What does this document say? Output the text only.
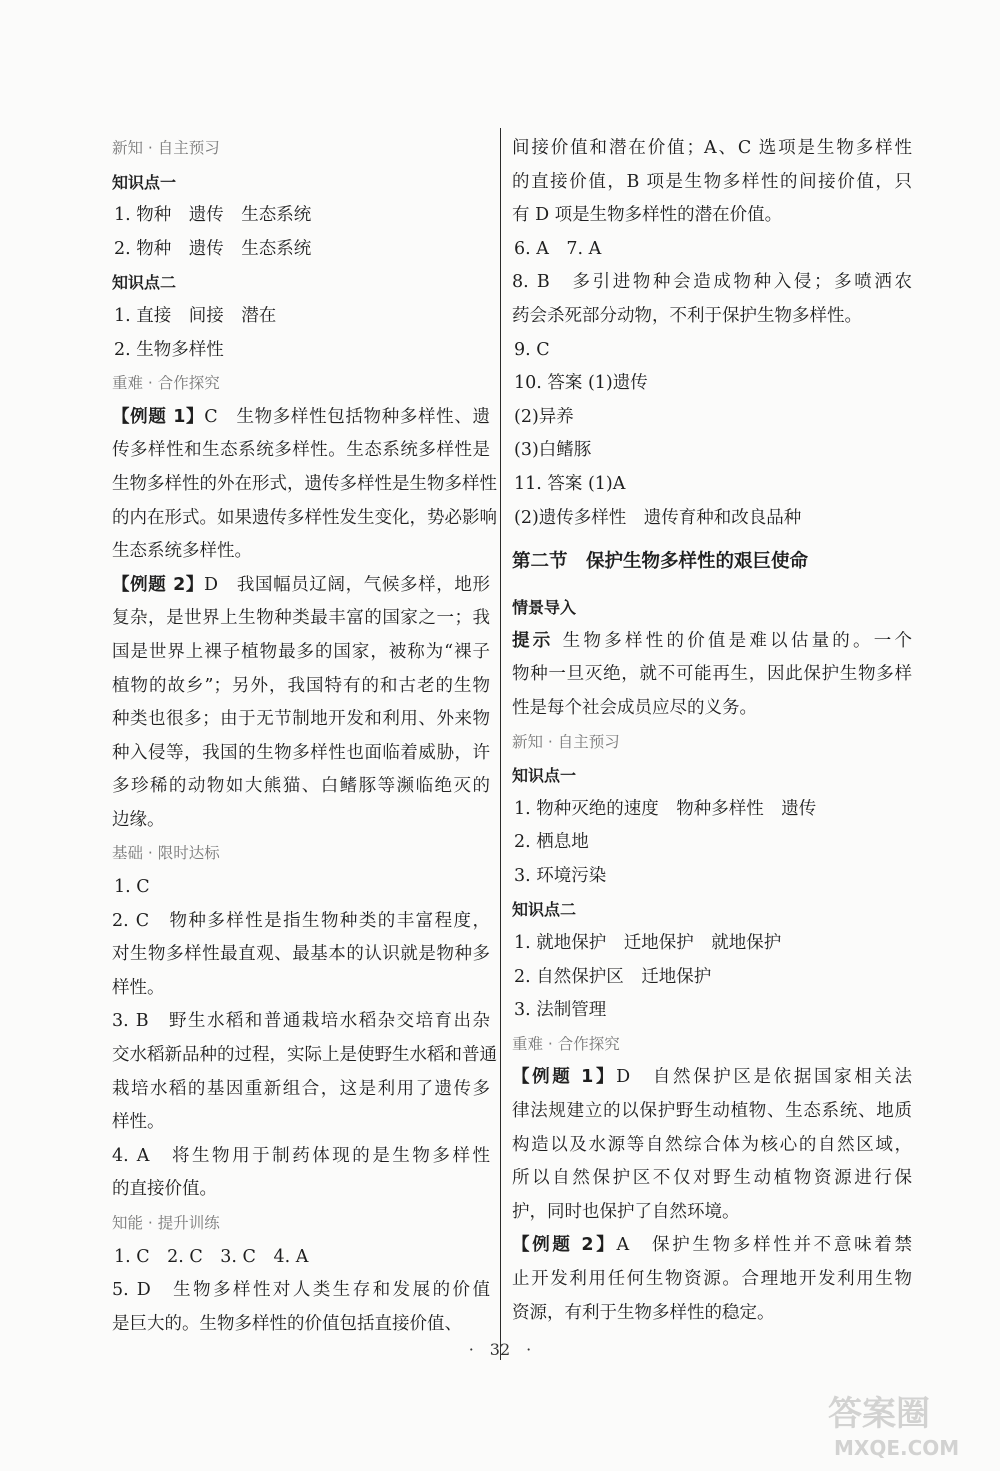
新知 · 自主预习

知识点一

1. 物种　遗传　生态系统

2. 物种　遗传　生态系统

知识点二

1. 直接　间接　潜在

2. 生物多样性

重难 · 合作探究

【例题 1】C　生物多样性包括物种多样性、遗

传多样性和生态系统多样性。生态系统多样性是

生物多样性的外在形式，遗传多样性是生物多样性

的内在形式。如果遗传多样性发生变化，势必影响

生态系统多样性。

【例题 2】D　我国幅员辽阔，气候多样，地形

复杂，是世界上生物种类最丰富的国家之一；我

国是世界上裸子植物最多的国家，被称为“裸子

植物的故乡”；另外，我国特有的和古老的生物

种类也很多；由于无节制地开发和利用、外来物

种入侵等，我国的生物多样性也面临着威胁，许

多珍稀的动物如大熊猫、白鳍豚等濒临绝灭的

边缘。

基础 · 限时达标

1. C

2. C　物种多样性是指生物种类的丰富程度，

对生物多样性最直观、最基本的认识就是物种多

样性。

3. B　野生水稻和普通栽培水稻杂交培育出杂

交水稻新品种的过程，实际上是使野生水稻和普通

栽培水稻的基因重新组合，这是利用了遗传多

样性。

4. A　将生物用于制药体现的是生物多样性

的直接价值。

知能 · 提升训练

1. C　2. C　3. C　4. A

5. D　生物多样性对人类生存和发展的价值

是巨大的。生物多样性的价值包括直接价值、

间接价值和潜在价值；A、C 选项是生物多样性

的直接价值，B 项是生物多样性的间接价值，只

有 D 项是生物多样性的潜在价值。

6. A　7. A

8. B　多引进物种会造成物种入侵；多喷洒农

药会杀死部分动物，不利于保护生物多样性。

9. C

10. 答案 (1)遗传

(2)异养

(3)白鳍豚

11. 答案 (1)A

(2)遗传多样性　遗传育种和改良品种

第二节　保护生物多样性的艰巨使命

情景导入

提示 生物多样性的价值是难以估量的。一个

物种一旦灭绝，就不可能再生，因此保护生物多样

性是每个社会成员应尽的义务。

新知 · 自主预习

知识点一

1. 物种灭绝的速度　物种多样性　遗传

2. 栖息地

3. 环境污染

知识点二

1. 就地保护　迁地保护　就地保护

2. 自然保护区　迁地保护

3. 法制管理

重难 · 合作探究

【例题 1】D　自然保护区是依据国家相关法

律法规建立的以保护野生动植物、生态系统、地质

构造以及水源等自然综合体为核心的自然区域，

所以自然保护区不仅对野生动植物资源进行保

护，同时也保护了自然环境。

【例题 2】A　保护生物多样性并不意味着禁

止开发利用任何生物资源。合理地开发利用生物

资源，有利于生物多样性的稳定。

·　32　·
答案圈
MXQE.COM
